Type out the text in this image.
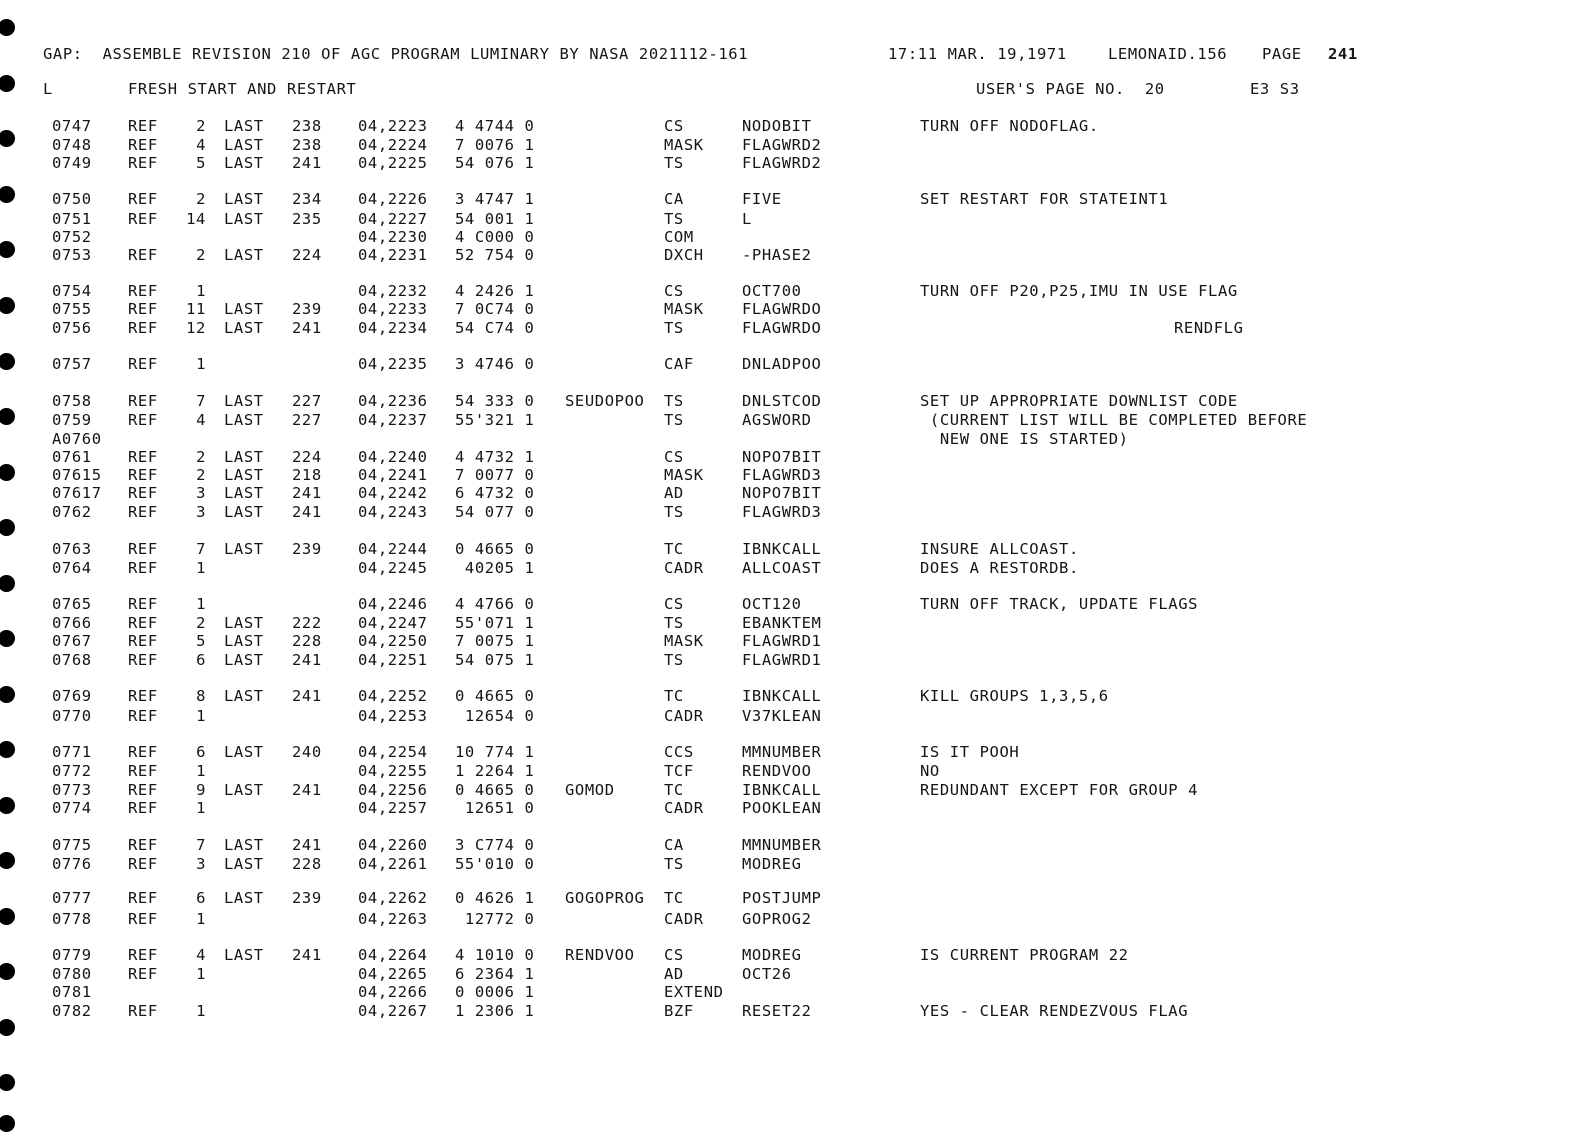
GAP:  ASSEMBLE REVISION 210 OF AGC PROGRAM LUMINARY BY NASA 2021112-161	17:11 MAR. 19,1971	LEMONAID.156 PAGE 241
L	FRESH START AND RESTART	USER'S PAGE NO.  20	E3 S3
0747 REF	2 LAST 238 04,2223 4 4744 0	CS	NODOBIT	TURN OFF NODOFLAG.
0748 REF	4 LAST 238 04,2224 7 0076 1	MASK FLAGWRD2
0749 REF	5 LAST 241 04,2225 54 076 1	TS	FLAGWRD2
0750 REF	2 LAST 234 04,2226 3 4747 1	CA	FIVE	SET RESTART FOR STATEINT1
0751 REF 14 LAST 235 04,2227 54 001 1	TS	L
0752	04,2230 4 C000 0	COM
0753 REF	2 LAST 224 04,2231 52 754 0	DXCH -PHASE2
0754 REF	1	04,2232 4 2426 1	CS	OCT700	TURN OFF P20,P25,IMU IN USE FLAG
0755 REF 11 LAST 239 04,2233 7 0C74 0	MASK FLAGWRDO
0756 REF 12 LAST 241 04,2234 54 C74 0	TS	FLAGWRDO	RENDFLG
0757 REF	1	04,2235 3 4746 0	CAF	DNLADPOO
0758 REF	7 LAST 227 04,2236 54 333 0 SEUDOPOO TS	DNLSTCOD	SET UP APPROPRIATE DOWNLIST CODE
0759 REF	4 LAST 227 04,2237 55'321 1	TS	AGSWORD	(CURRENT LIST WILL BE COMPLETED BEFORE
A0760	NEW ONE IS STARTED)
0761 REF	2 LAST 224 04,2240 4 4732 1	CS	NOPO7BIT
07615 REF	2 LAST 218 04,2241 7 0077 0	MASK FLAGWRD3
07617 REF	3 LAST 241 04,2242 6 4732 0	AD	NOPO7BIT
0762 REF	3 LAST 241 04,2243 54 077 0	TS	FLAGWRD3
0763 REF	7 LAST 239 04,2244 0 4665 0	TC	IBNKCALL	INSURE ALLCOAST.
0764 REF	1	04,2245 40205 1	CADR ALLCOAST	DOES A RESTORDB.
0765 REF	1	04,2246 4 4766 0	CS	OCT120	TURN OFF TRACK, UPDATE FLAGS
0766 REF	2 LAST 222 04,2247 55'071 1	TS	EBANKTEM
0767 REF	5 LAST 228 04,2250 7 0075 1	MASK FLAGWRD1
0768 REF	6 LAST 241 04,2251 54 075 1	TS	FLAGWRD1
0769 REF	8 LAST 241 04,2252 0 4665 0	TC	IBNKCALL	KILL GROUPS 1,3,5,6
0770 REF	1	04,2253 12654 0	CADR V37KLEAN
0771 REF	6 LAST 240 04,2254 10 774 1	CCS	MMNUMBER	IS IT POOH
0772 REF	1	04,2255 1 2264 1	TCF	RENDVOO	NO
0773 REF	9 LAST 241 04,2256 0 4665 0 GOMOD	TC	IBNKCALL	REDUNDANT EXCEPT FOR GROUP 4
0774 REF	1	04,2257 12651 0	CADR POOKLEAN
0775 REF	7 LAST 241 04,2260 3 C774 0	CA	MMNUMBER
0776 REF	3 LAST 228 04,2261 55'010 0	TS	MODREG
0777 REF	6 LAST 239 04,2262 0 4626 1 GOGOPROG TC	POSTJUMP
0778 REF	1	04,2263 12772 0	CADR GOPROG2
0779 REF	4 LAST 241 04,2264 4 1010 0 RENDVOO CS	MODREG	IS CURRENT PROGRAM 22
0780 REF	1	04,2265 6 2364 1	AD	OCT26
0781	04,2266 0 0006 1	EXTEND
0782 REF	1	04,2267 1 2306 1	BZF	RESET22	YES - CLEAR RENDEZVOUS FLAG
